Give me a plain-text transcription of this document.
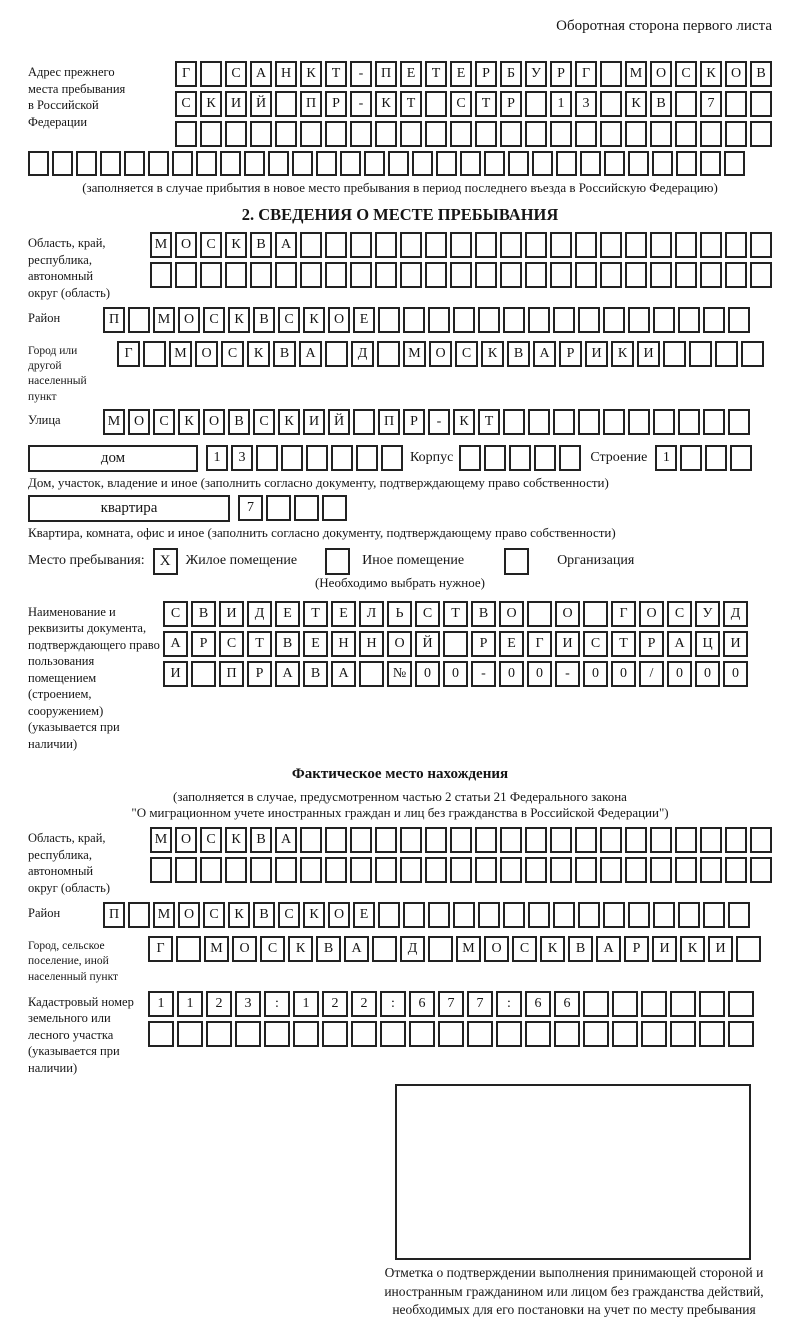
Оборотная сторона первого листа
Адрес прежнего места пребывания в Российской Федерации
Г	С	А	Н	К	Т	-	П	Е	Т	Е	Р	Б	У	Р	Г	М О	С	К	О	В
С	К	И	Й	П	Р	-	К	Т	С	Т	Р	1	3	К	В	7
(заполняется в случае прибытия в новое место пребывания в период последнего въезда в Российскую Федерацию)
2. СВЕДЕНИЯ О МЕСТЕ ПРЕБЫВАНИЯ
Область, край, республика, автономный округ (область)
М О	С	К	В	А
Район	П	М О	С	К	В	С	К	О	Е
Город или другой населенный пункт
Г	М	О	С	К	В	А	Д	М	О	С	К	В	А	Р	И	К	И
Улица	М О	С	К	О	В	С	К	И	Й	П	Р	-	К	Т
дом	1	3	Корпус	Строение	1
Дом, участок, владение и иное (заполнить согласно документу, подтверждающему право собственности)
квартира	7
Квартира, комната, офис и иное (заполнить согласно документу, подтверждающему право собственности)
Место пребывания:	X	Жилое помещение	Иное помещение	Организация
(Необходимо выбрать нужное)
Наименование и реквизиты документа, подтверждающего право пользования помещением (строением, сооружением) (указывается при наличии)
С	В	И	Д	Е	Т	Е	Л	Ь	С	Т	В	О	О	Г	О	С	У	Д
А	Р	С	Т	В	Е	Н	Н	О	Й	Р	Е	Г	И	С	Т	Р	А	Ц	И
И	П	Р	А	В	А	№	0	0	-	0	0	-	0	0	/	0	0	0
Фактическое место нахождения
(заполняется в случае, предусмотренном частью 2 статьи 21 Федерального закона
"О миграционном учете иностранных граждан и лиц без гражданства в Российской Федерации")
Область, край, республика, автономный округ (область)
М О	С	К	В	А
Район	П	М О	С	К	В	С	К	О	Е
Город, сельское поселение, иной населенный пункт
Г	М	О	С	К	В	А	Д	М	О	С	К	В	А	Р	И	К	И
Кадастровый номер земельного или лесного участка (указывается при наличии)
1	1	2	3	:	1	2	2	:	6	7	7	:	6	6
Отметка о подтверждении выполнения принимающей стороной и иностранным гражданином или лицом без гражданства действий, необходимых для его постановки на учет по месту пребывания
